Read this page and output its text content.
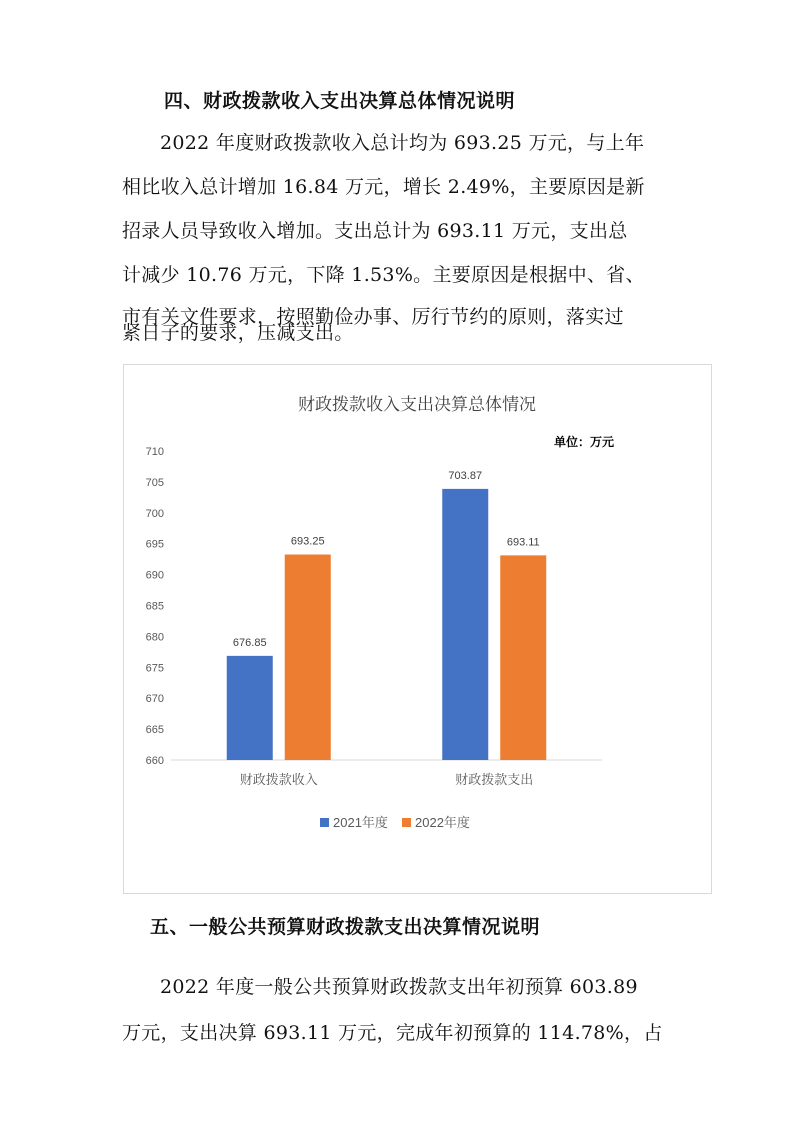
四、财政拨款收入支出决算总体情况说明
2022 年度财政拨款收入总计均为 693.25 万元，与上年
相比收入总计增加 16.84 万元，增长 2.49%，主要原因是新
招录人员导致收入增加。支出总计为 693.11 万元，支出总
计减少 10.76 万元，下降 1.53%。主要原因是根据中、省、
市有关文件要求，按照勤俭办事、厉行节约的原则，落实过
财政拨款收入支出决算总体情况
单位：万元
660
665
670
675
680
685
690
695
700
705
710
财政拨款收入
676.85
693.25
财政拨款支出
703.87
693.11
2021年度 2022年度
五、一般公共预算财政拨款支出决算情况说明
2022 年度一般公共预算财政拨款支出年初预算 603.89
万元，支出决算 693.11 万元，完成年初预算的 114.78%，占
紧日子的要求，压减支出。
